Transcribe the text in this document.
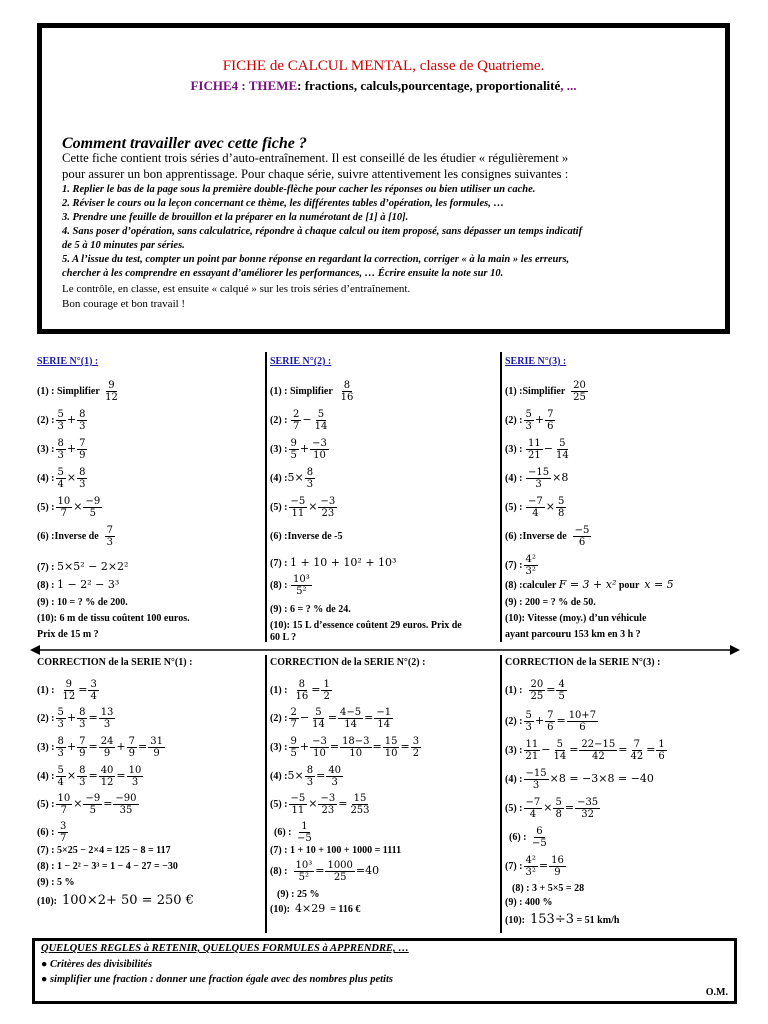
FICHE de CALCUL MENTAL, classe de Quatrieme.
FICHE4 : THEME: fractions, calculs,pourcentage, proportionalité, ...
Comment travailler avec cette fiche ?
Cette fiche contient trois séries d’auto-entraînement. Il est conseillé de les étudier « régulièrement »
pour assurer un bon apprentissage. Pour chaque série, suivre attentivement les consignes suivantes :
1. Replier le bas de la page sous la première double-flèche pour cacher les réponses ou bien utiliser un cache.
2. Réviser le cours ou la leçon concernant ce thème, les différentes tables d’opération, les formules, …
3. Prendre une feuille de brouillon et la préparer en la numérotant de [1] à [10].
4. Sans poser d’opération, sans calculatrice, répondre à chaque calcul ou item proposé, sans dépasser un temps indicatif
de 5 à 10 minutes par séries.
5. A l’issue du test, compter un point par bonne réponse en regardant la correction, corriger « à la main » les erreurs,
chercher à les comprendre en essayant d’améliorer les performances, … Écrire ensuite la note sur 10.
Le contrôle, en classe, est ensuite « calqué » sur les trois séries d’entraînement.
Bon courage et bon travail !
SERIE N°(1) :
(1) : Simplifier $\frac{9}{12}$
(2) : $\frac{5}{3} + \frac{8}{3}$
(3) : $\frac{8}{3} + \frac{7}{9}$
(4) : $\frac{5}{4} \times \frac{8}{3}$
(5) : $\frac{10}{7} \times \frac{-9}{5}$
(6) :Inverse de $\frac{7}{3}$
(7) : 5×5² − 2×2²
(8) : 1 − 2² − 3³
(9) : 10 = ? % de 200.
(10): 6 m de tissu coûtent 100 euros.
Prix de 15 m ?
SERIE N°(2) :
(1) : Simplifier $\frac{8}{16}$
(2) : $\frac{2}{7} - \frac{5}{14}$
(3) : $\frac{9}{5} + \frac{-3}{10}$
(4) :5× $\frac{8}{3}$
(5) : $\frac{-5}{11} \times \frac{-3}{23}$
(6) :Inverse de -5
(7) : 1 + 10 + 10² + 10³
(8) : $\frac{\text{10³}}{\text{5²}}$
(9) : 6 = ? % de 24.
(10): 15 L d’essence coûtent 29 euros. Prix de
60 L ?
SERIE N°(3) :
(1) :Simplifier $\frac{20}{25}$
(2) : $\frac{5}{3} + \frac{7}{6}$
(3) : $\frac{11}{21} - \frac{5}{14}$
(4) : $\frac{-15}{3} \times 8$
(5) : $\frac{-7}{4} \times \frac{5}{8}$
(6) :Inverse de $\frac{-5}{6}$
(7) : $\frac{\text{4²}}{\text{3²}}$
(8) :calculer F = 3 + x² pour x = 5
(9) : 200 = ? % de 50.
(10): Vitesse (moy.) d’un véhicule
ayant parcouru 153 km en 3 h ?
CORRECTION de la SERIE N°(1) :
(1) : $\frac{9}{12} = \frac{3}{4}$
(2) : $\frac{5}{3} + \frac{8}{3} = \frac{13}{3}$
(3) : $\frac{8}{3} + \frac{7}{9} = \frac{24}{9} + \frac{7}{9} = \frac{31}{9}$
(4) : $\frac{5}{4} \times \frac{8}{3} = \frac{40}{12} = \frac{10}{3}$
(5) : $\frac{10}{7} \times \frac{-9}{5} = \frac{-90}{35}$
(6) : $\frac{3}{7}$
(7) : 5×25 − 2×4 = 125 − 8 = 117
(8) : 1 − 2² − 3³ = 1 − 4 − 27 = −30
(9) : 5 %
(10): 100×2+ 50 = 250 €
CORRECTION de la SERIE N°(2) :
(1) : $\frac{8}{16} = \frac{1}{2}$
(2) : $\frac{2}{7} - \frac{5}{14} = \frac{4-5}{14} = \frac{-1}{14}$
(3) : $\frac{9}{5} + \frac{-3}{10} = \frac{18-3}{10} = \frac{15}{10} = \frac{3}{2}$
(4) :5× $\frac{8}{3} = \frac{40}{3}$
(5) : $\frac{-5}{11} \times \frac{-3}{23} = \frac{15}{253}$
(6) : $\frac{1}{-5}$
(7) : 1 + 10 + 100 + 1000 = 1111
(8) : $\frac{\text{10³}}{\text{5²}} = \frac{1000}{25} =40$
(9) : 25 %
(10): 4×29 = 116 €
CORRECTION de la SERIE N°(3) :
(1) : $\frac{20}{25} = \frac{4}{5}$
(2) : $\frac{5}{3} + \frac{7}{6} = \frac{10+7}{6}$
(3) : $\frac{11}{21} - \frac{5}{14} = \frac{22-15}{42} = \frac{7}{42} = \frac{1}{6}$
(4) : $\frac{-15}{3} \times 8 = -3\times 8 = -40$
(5) : $\frac{-7}{4} \times \frac{5}{8} = \frac{-35}{32}$
(6) : $\frac{6}{-5}$
(7) : $\frac{\text{4²}}{\text{3²}} = \frac{16}{9}$
(8) : 3 + 5×5 = 28
(9) : 400 %
(10): 153÷3 = 51 km/h
QUELQUES REGLES à RETENIR, QUELQUES FORMULES à APPRENDRE, …
● Critères des divisibilités
● simplifier une fraction : donner une fraction égale avec des nombres plus petits
O.M.
